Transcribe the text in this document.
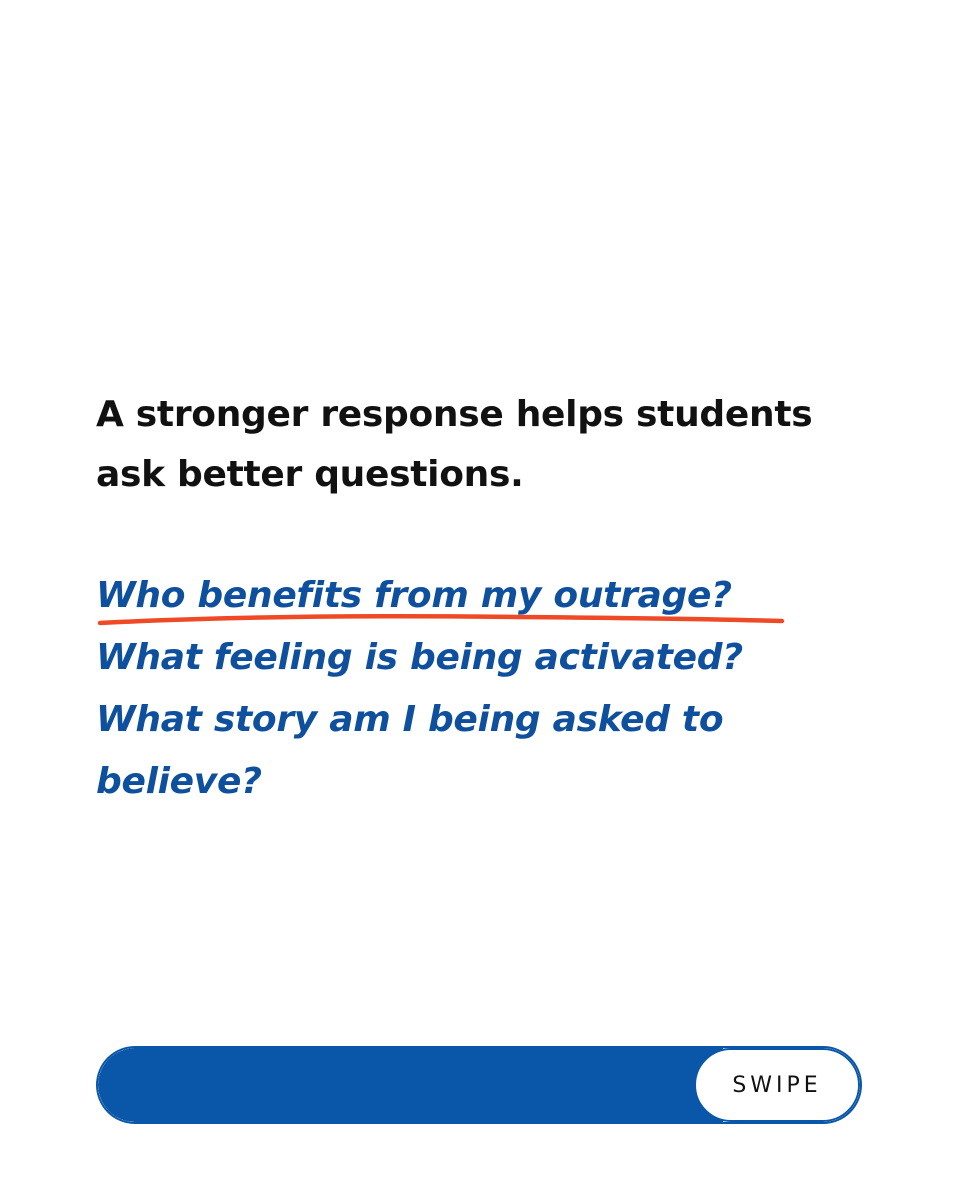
A stronger response helps students
ask better questions.
Who benefits from my outrage?
What feeling is being activated?
What story am I being asked to
believe?
SWIPE
